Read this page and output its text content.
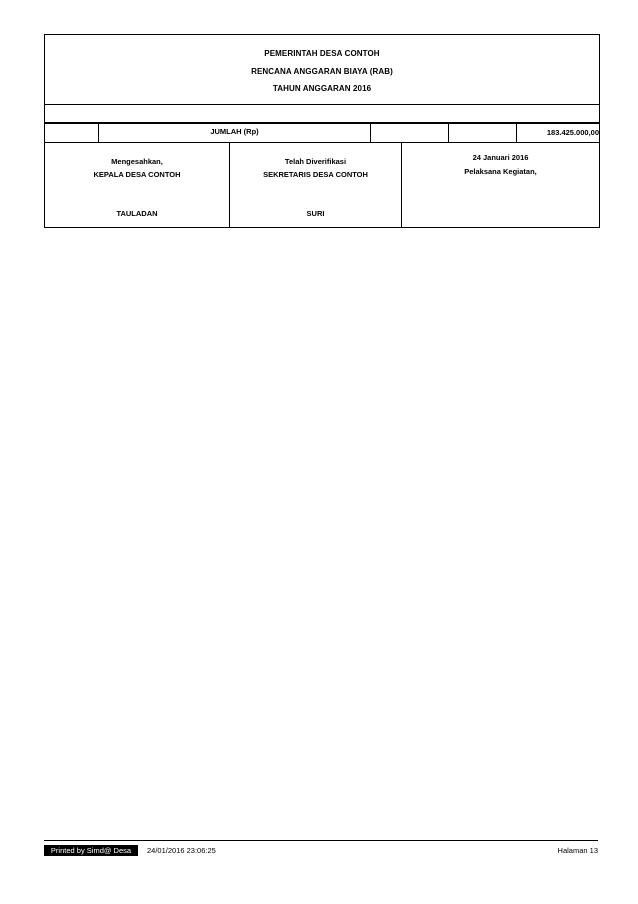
PEMERINTAH DESA CONTOH
RENCANA ANGGARAN BIAYA (RAB)
TAHUN ANGGARAN 2016
JUMLAH (Rp)	183.425.000,00
Mengesahkan,
KEPALA DESA CONTOH
TAULADAN
Telah Diverifikasi
SEKRETARIS DESA CONTOH
SURI
24 Januari 2016
Pelaksana Kegiatan,
Printed by Simd@ Desa	24/01/2016 23:06:25	Halaman 13
